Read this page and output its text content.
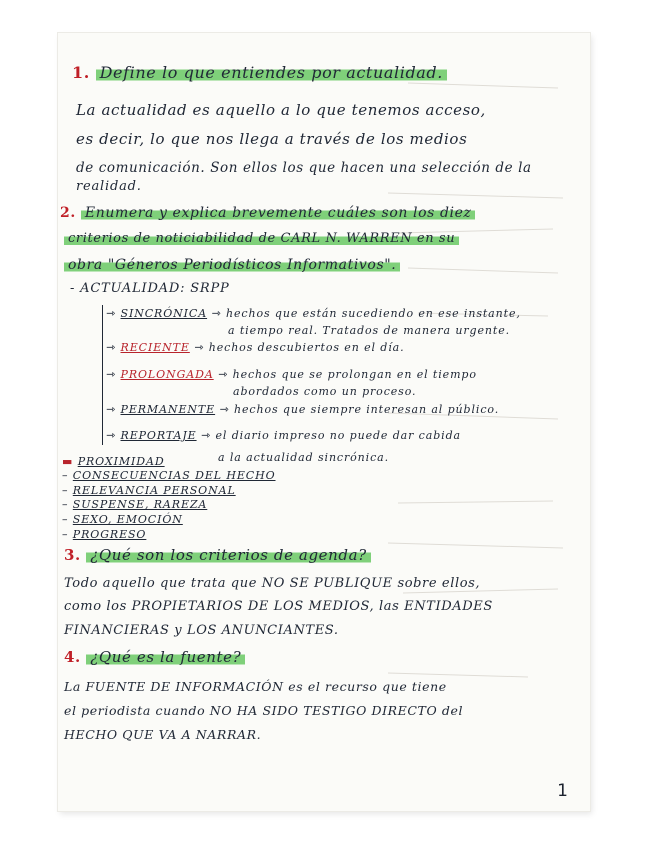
1. Define lo que entiendes por actualidad.
La actualidad es aquello a lo que tenemos acceso,
es decir, lo que nos llega a través de los medios
de comunicación. Son ellos los que hacen una selección de la
realidad.
2. Enumera y explica brevemente cuáles son los diez
criterios de noticiabilidad de CARL N. WARREN en su
obra "Géneros Periodísticos Informativos".
- ACTUALIDAD: SRPP
⇾ SINCRÓNICA ⇾ hechos que están sucediendo en ese instante,
a tiempo real. Tratados de manera urgente.
⇾ RECIENTE ⇾ hechos descubiertos en el día.
⇾ PROLONGADA ⇾ hechos que se prolongan en el tiempo
abordados como un proceso.
⇾ PERMANENTE ⇾ hechos que siempre interesan al público.
⇾ REPORTAJE ⇾ el diario impreso no puede dar cabida
a la actualidad sincrónica.
▬ PROXIMIDAD
– CONSECUENCIAS DEL HECHO
– RELEVANCIA PERSONAL
– SUSPENSE, RAREZA
– SEXO, EMOCIÓN
– PROGRESO
3. ¿Qué son los criterios de agenda?
Todo aquello que trata que NO SE PUBLIQUE sobre ellos,
como los PROPIETARIOS DE LOS MEDIOS, las ENTIDADES
FINANCIERAS y LOS ANUNCIANTES.
4. ¿Qué es la fuente?
La FUENTE DE INFORMACIÓN es el recurso que tiene
el periodista cuando NO HA SIDO TESTIGO DIRECTO del
HECHO QUE VA A NARRAR.
1
